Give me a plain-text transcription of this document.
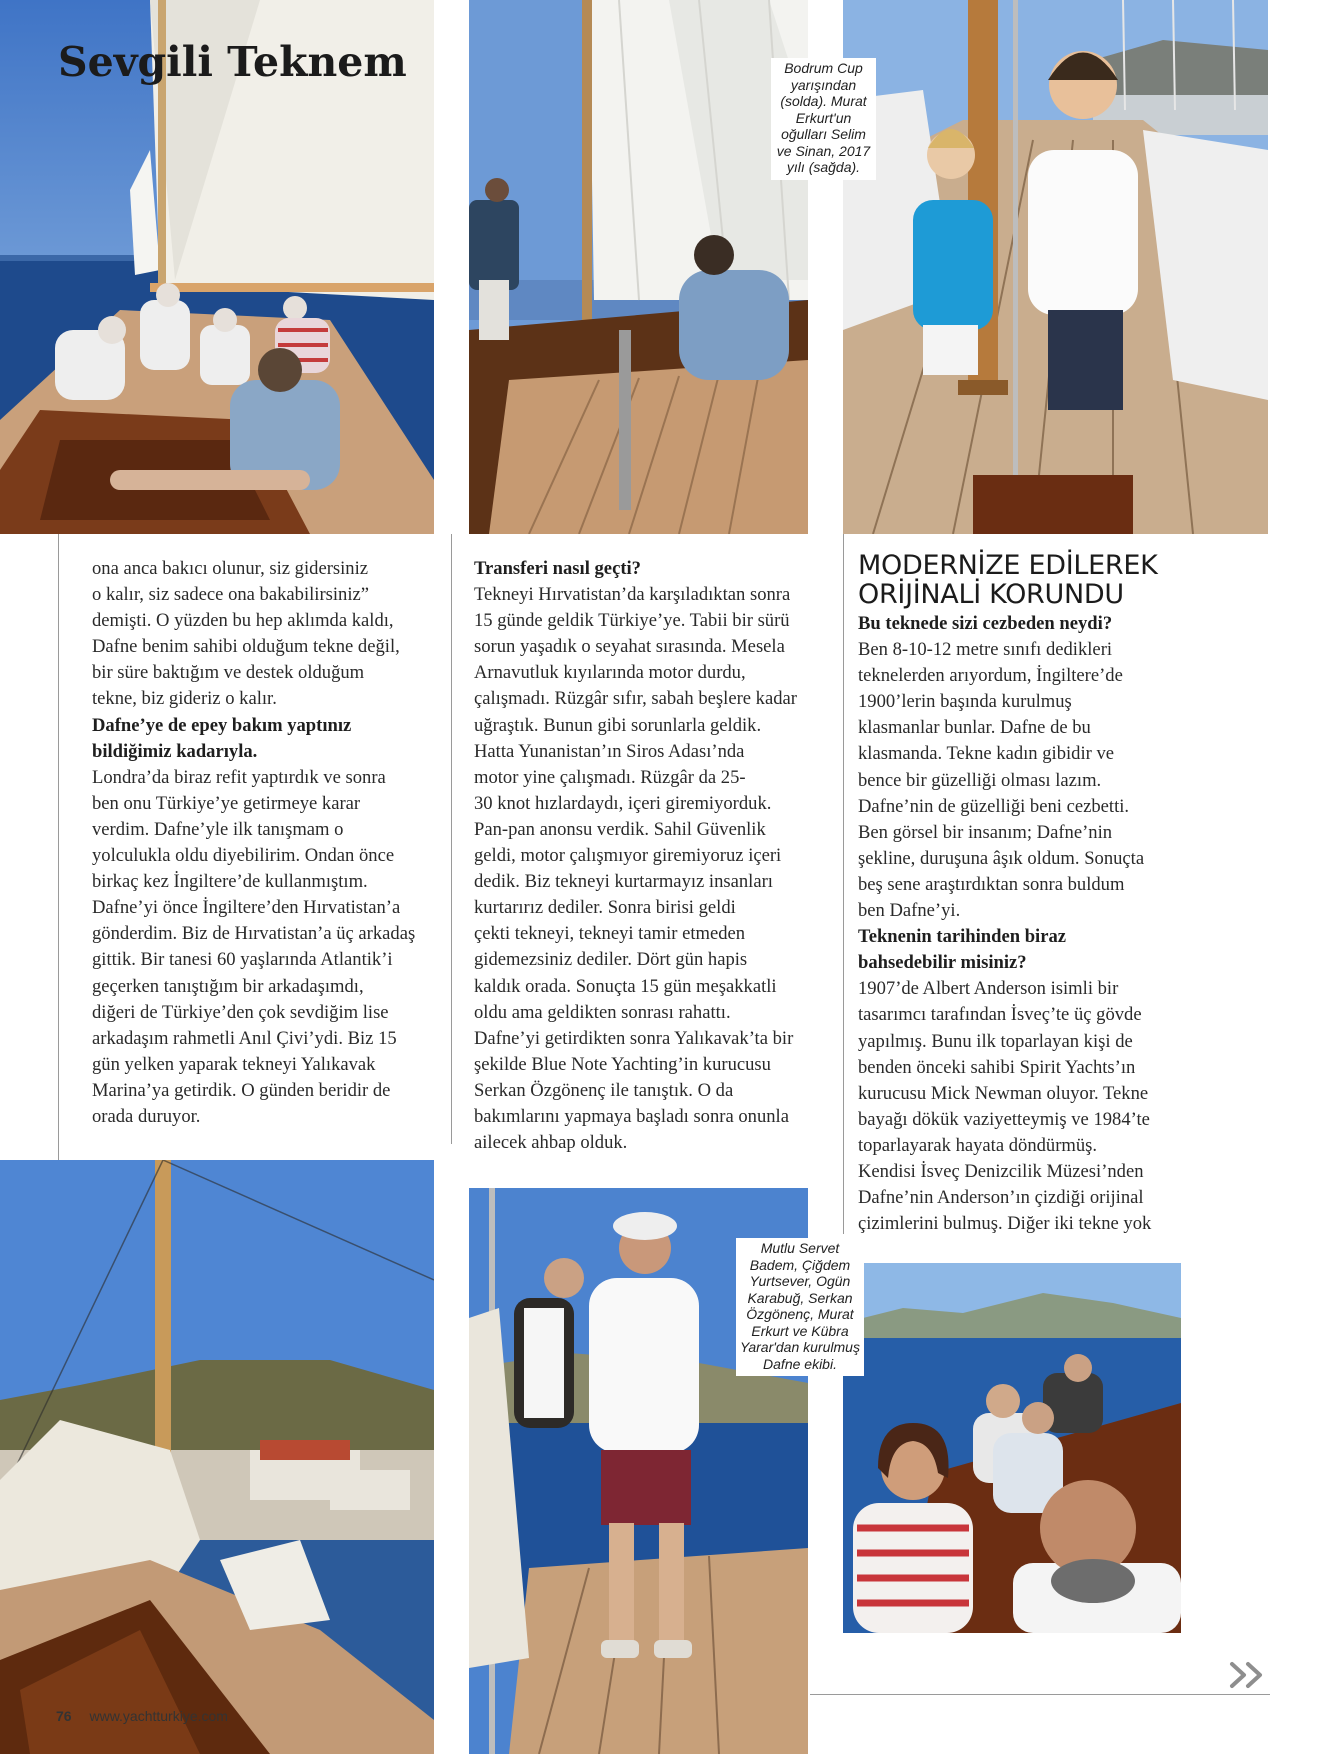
Sevgili Teknem	Bodrum Cup yarışından (solda). Murat Erkurt'un oğulları Selim ve Sinan, 2017 yılı (sağda).
Mutlu Servet Badem, Çiğdem Yurtsever, Ogün Karabuğ, Serkan Özgönenç, Murat Erkurt ve Kübra Yarar'dan kurulmuş Dafne ekibi.

ona anca bakıcı olunur, siz gidersiniz
o kalır, siz sadece ona bakabilirsiniz”
demişti. O yüzden bu hep aklımda kaldı,
Dafne benim sahibi olduğum tekne değil,
bir süre baktığım ve destek olduğum
tekne, biz gideriz o kalır.

Dafne’ye de epey bakım yaptınız
bildiğimiz kadarıyla.

Londra’da biraz refit yaptırdık ve sonra
ben onu Türkiye’ye getirmeye karar
verdim. Dafne’yle ilk tanışmam o
yolculukla oldu diyebilirim. Ondan önce
birkaç kez İngiltere’de kullanmıştım.
Dafne’yi önce İngiltere’den Hırvatistan’a
gönderdim. Biz de Hırvatistan’a üç arkadaş
gittik. Bir tanesi 60 yaşlarında Atlantik’i
geçerken tanıştığım bir arkadaşımdı,
diğeri de Türkiye’den çok sevdiğim lise
arkadaşım rahmetli Anıl Çivi’ydi. Biz 15
gün yelken yaparak tekneyi Yalıkavak
Marina’ya getirdik. O günden beridir de
orada duruyor.

Transferi nasıl geçti?

Tekneyi Hırvatistan’da karşıladıktan sonra
15 günde geldik Türkiye’ye. Tabii bir sürü
sorun yaşadık o seyahat sırasında. Mesela
Arnavutluk kıyılarında motor durdu,
çalışmadı. Rüzgâr sıfır, sabah beşlere kadar
uğraştık. Bunun gibi sorunlarla geldik.
Hatta Yunanistan’ın Siros Adası’nda
motor yine çalışmadı. Rüzgâr da 25-
30 knot hızlardaydı, içeri giremiyorduk.
Pan-pan anonsu verdik. Sahil Güvenlik
geldi, motor çalışmıyor giremiyoruz içeri
dedik. Biz tekneyi kurtarmayız insanları
kurtarırız dediler. Sonra birisi geldi
çekti tekneyi, tekneyi tamir etmeden
gidemezsiniz dediler. Dört gün hapis
kaldık orada. Sonuçta 15 gün meşakkatli
oldu ama geldikten sonrası rahattı.
Dafne’yi getirdikten sonra Yalıkavak’ta bir
şekilde Blue Note Yachting’in kurucusu
Serkan Özgönenç ile tanıştık. O da
bakımlarını yapmaya başladı sonra onunla
ailecek ahbap olduk.

MODERNİZE EDİLEREK
ORİJİNALİ KORUNDU

Bu teknede sizi cezbeden neydi?

Ben 8-10-12 metre sınıfı dedikleri
teknelerden arıyordum, İngiltere’de
1900’lerin başında kurulmuş
klasmanlar bunlar. Dafne de bu
klasmanda. Tekne kadın gibidir ve
bence bir güzelliği olması lazım.
Dafne’nin de güzelliği beni cezbetti.
Ben görsel bir insanım; Dafne’nin
şekline, duruşuna âşık oldum. Sonuçta
beş sene araştırdıktan sonra buldum
ben Dafne’yi.

Teknenin tarihinden biraz
bahsedebilir misiniz?

1907’de Albert Anderson isimli bir
tasarımcı tarafından İsveç’te üç gövde
yapılmış. Bunu ilk toparlayan kişi de
benden önceki sahibi Spirit Yachts’ın
kurucusu Mick Newman oluyor. Tekne
bayağı dökük vaziyetteymiş ve 1984’te
toparlayarak hayata döndürmüş.
Kendisi İsveç Denizcilik Müzesi’nden
Dafne’nin Anderson’ın çizdiği orijinal
çizimlerini bulmuş. Diğer iki tekne yok

76 www.yachtturkiye.com
